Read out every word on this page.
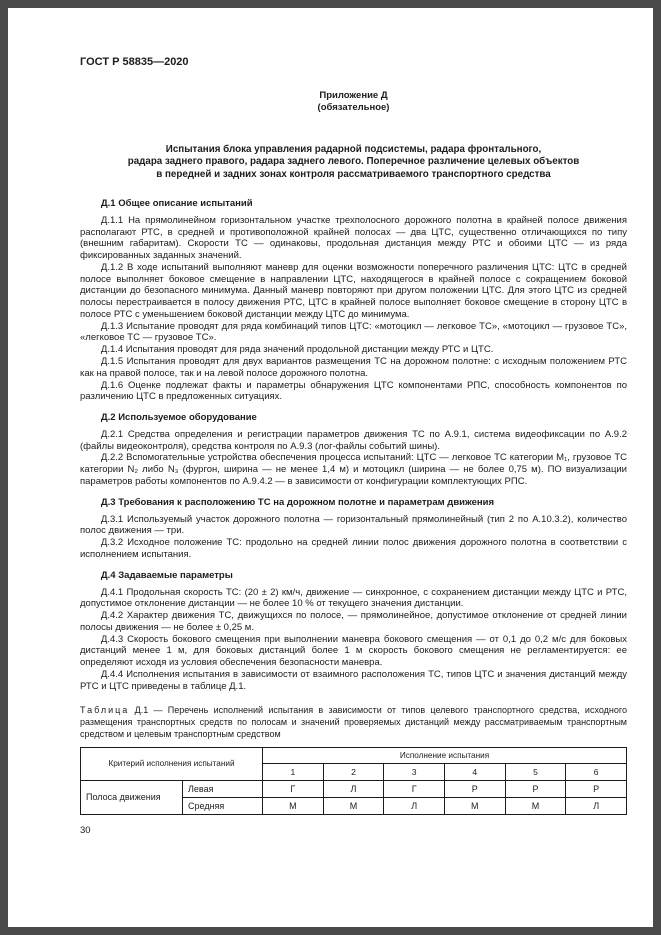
ГОСТ Р 58835—2020
Приложение Д
(обязательное)
Испытания блока управления радарной подсистемы, радара фронтального,
радара заднего правого, радара заднего левого. Поперечное различение целевых объектов
в передней и задних зонах контроля рассматриваемого транспортного средства

Д.1 Общее описание испытаний

Д.1.1 На прямолинейном горизонтальном участке трехполосного дорожного полотна в крайней полосе движения располагают РТС, в средней и противоположной крайней полосах — два ЦТС, существенно отличающихся по типу (внешним габаритам). Скорости ТС — одинаковы, продольная дистанция между РТС и обоими ЦТС — из ряда фиксированных заданных значений.

Д.1.2 В ходе испытаний выполняют маневр для оценки возможности поперечного различения ЦТС: ЦТС в средней полосе выполняет боковое смещение в направлении ЦТС, находящегося в крайней полосе с сокращением боковой дистанции до безопасного минимума. Данный маневр повторяют при другом положении ЦТС. Для этого ЦТС из средней полосы перестраивается в полосу движения РТС, ЦТС в крайней полосе выполняет боковое смещение в сторону ЦТС в полосе РТС с уменьшением боковой дистанции между ЦТС до минимума.

Д.1.3 Испытание проводят для ряда комбинаций типов ЦТС: «мотоцикл — легковое ТС», «мотоцикл — грузовое ТС», «легковое ТС — грузовое ТС».

Д.1.4 Испытания проводят для ряда значений продольной дистанции между РТС и ЦТС.

Д.1.5 Испытания проводят для двух вариантов размещения ТС на дорожном полотне: с исходным положением РТС как на правой полосе, так и на левой полосе дорожного полотна.

Д.1.6 Оценке подлежат факты и параметры обнаружения ЦТС компонентами РПС, способность компонентов по различению ЦТС в предложенных ситуациях.

Д.2 Используемое оборудование

Д.2.1 Средства определения и регистрации параметров движения ТС по А.9.1, система видеофиксации по А.9.2 (файлы видеоконтроля), средства контроля по А.9.3 (лог-файлы событий шины).

Д.2.2 Вспомогательные устройства обеспечения процесса испытаний: ЦТС — легковое ТС категории M₁, грузовое ТС категории N₂ либо N₃ (фургон, ширина — не менее 1,4 м) и мотоцикл (ширина — не более 0,75 м). ПО визуализации параметров работы компонентов по А.9.4.2 — в зависимости от конфигурации комплектующих РПС.

Д.3 Требования к расположению ТС на дорожном полотне и параметрам движения

Д.3.1 Используемый участок дорожного полотна — горизонтальный прямолинейный (тип 2 по А.10.3.2), количество полос движения — три.

Д.3.2 Исходное положение ТС: продольно на средней линии полос движения дорожного полотна в соответствии с исполнением испытания.

Д.4 Задаваемые параметры

Д.4.1 Продольная скорость ТС: (20 ± 2) км/ч, движение — синхронное, с сохранением дистанции между ЦТС и РТС, допустимое отклонение дистанции — не более 10 % от текущего значения дистанции.

Д.4.2 Характер движения ТС, движущихся по полосе, — прямолинейное, допустимое отклонение от средней линии полосы движения — не более ± 0,25 м.

Д.4.3 Скорость бокового смещения при выполнении маневра бокового смещения — от 0,1 до 0,2 м/с для боковых дистанций менее 1 м, для боковых дистанций более 1 м скорость бокового смещения не регламентируется: ее определяют исходя из условия обеспечения безопасности маневра.

Д.4.4 Исполнения испытания в зависимости от взаимного расположения ТС, типов ЦТС и значения дистанций между РТС и ЦТС приведены в таблице Д.1.

Таблица Д.1 — Перечень исполнений испытания в зависимости от типов целевого транспортного средства, исходного размещения транспортных средств по полосам и значений проверяемых дистанций между рассматриваемым транспортным средством и целевым транспортным средством

Критерий исполнения испытаний		Исполнение испытания					
		1	2	3	4	5	6
Полоса движения	Левая	Г	Л	Г	Р	Р	Р
	Средняя	М	М	Л	М	М	Л
30
